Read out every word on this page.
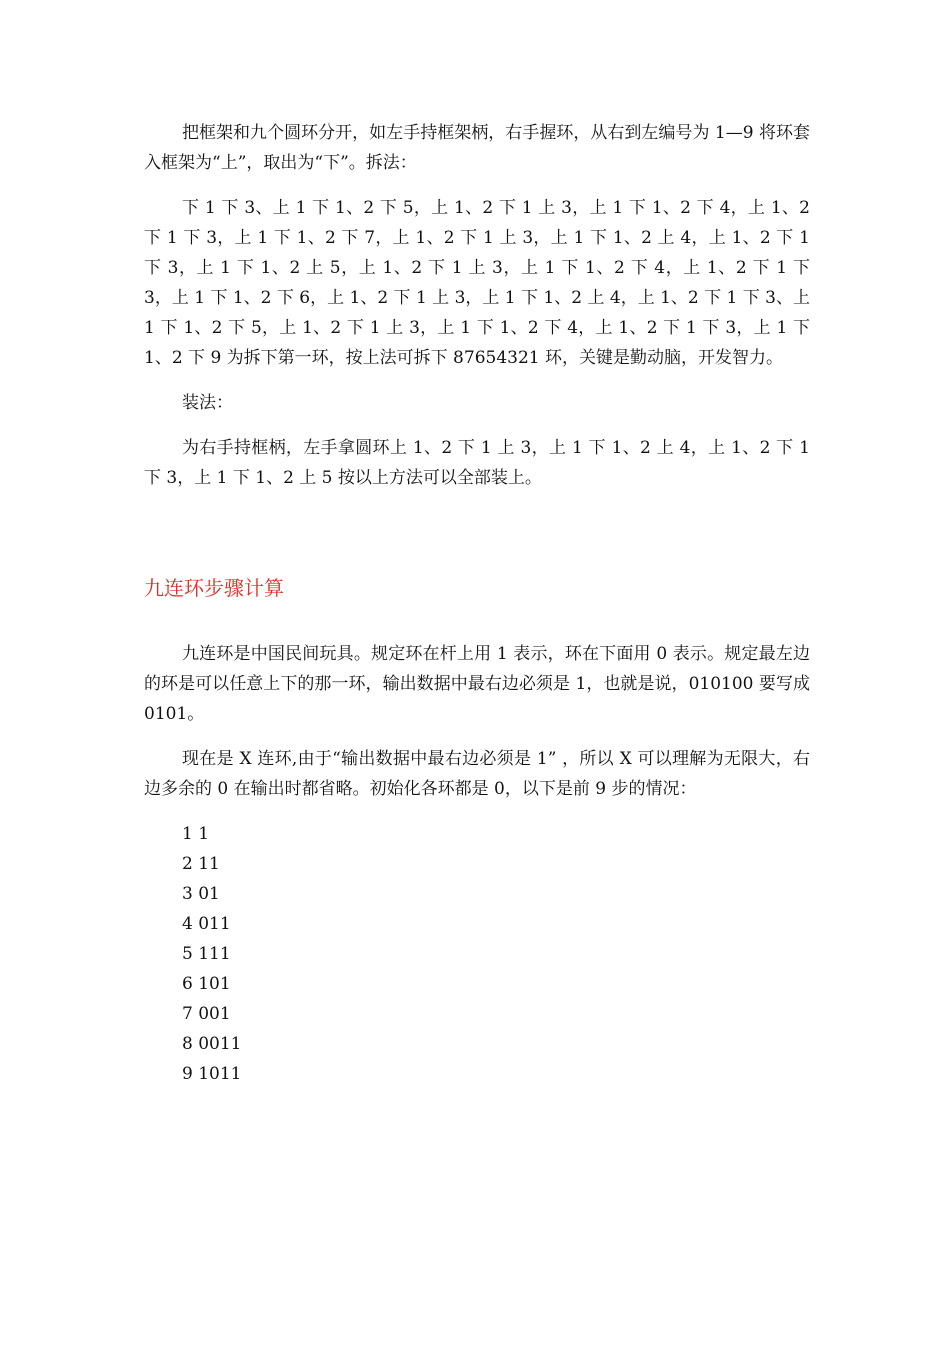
把框架和九个圆环分开，如左手持框架柄，右手握环，从右到左编号为 1—9 将环套入框架为“上”，取出为“下”。拆法：

下 1 下 3、上 1 下 1、2 下 5，上 1、2 下 1 上 3，上 1 下 1、2 下 4，上 1、2 下 1 下 3，上 1 下 1、2 下 7，上 1、2 下 1 上 3，上 1 下 1、2 上 4，上 1、2 下 1 下 3，上 1 下 1、2 上 5，上 1、2 下 1 上 3，上 1 下 1、2 下 4，上 1、2 下 1 下 3，上 1 下 1、2 下 6，上 1、2 下 1 上 3，上 1 下 1、2 上 4，上 1、2 下 1 下 3、上 1 下 1、2 下 5，上 1、2 下 1 上 3，上 1 下 1、2 下 4，上 1、2 下 1 下 3，上 1 下 1、2 下 9 为拆下第一环，按上法可拆下 87654321 环，关键是勤动脑，开发智力。

装法：

为右手持框柄，左手拿圆环上 1、2 下 1 上 3，上 1 下 1、2 上 4，上 1、2 下 1 下 3，上 1 下 1、2 上 5 按以上方法可以全部装上。

九连环步骤计算

九连环是中国民间玩具。规定环在杆上用 1 表示，环在下面用 0 表示。规定最左边的环是可以任意上下的那一环，输出数据中最右边必须是 1，也就是说，010100 要写成 0101。

现在是 X 连环,由于“输出数据中最右边必须是 1” ，所以 X 可以理解为无限大，右边多余的 0 在输出时都省略。初始化各环都是 0，以下是前 9 步的情况：

1 1
2 11
3 01
4 011
5 111
6 101
7 001
8 0011
9 1011
